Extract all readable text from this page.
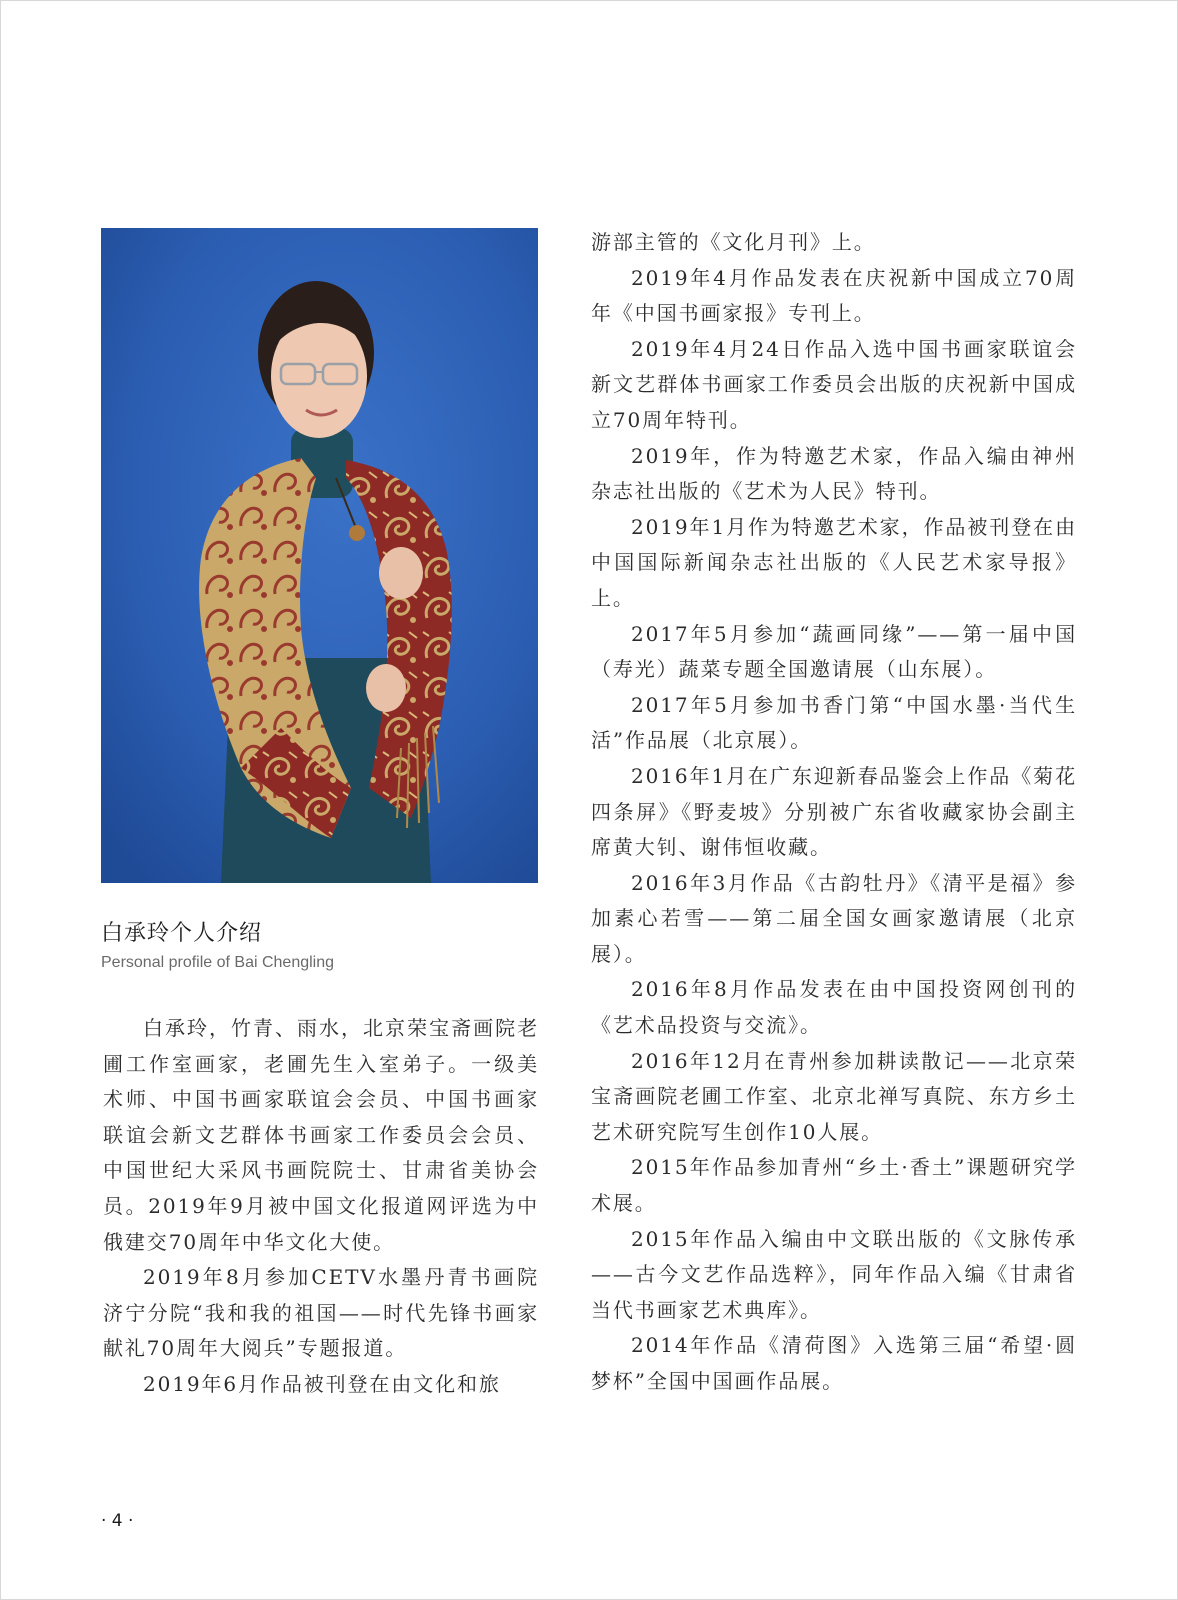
白承玲个人介绍
Personal profile of Bai Chengling

白承玲，竹青、雨水，北京荣宝斋画院老圃工作室画家，老圃先生入室弟子。一级美术师、中国书画家联谊会会员、中国书画家联谊会新文艺群体书画家工作委员会会员、中国世纪大采风书画院院士、甘肃省美协会员。2019年9月被中国文化报道网评选为中俄建交70周年中华文化大使。

2019年8月参加CETV水墨丹青书画院济宁分院“我和我的祖国——时代先锋书画家献礼70周年大阅兵”专题报道。

2019年6月作品被刊登在由文化和旅

游部主管的《文化月刊》上。

2019年4月作品发表在庆祝新中国成立70周年《中国书画家报》专刊上。

2019年4月24日作品入选中国书画家联谊会新文艺群体书画家工作委员会出版的庆祝新中国成立70周年特刊。

2019年，作为特邀艺术家，作品入编由神州杂志社出版的《艺术为人民》特刊。

2019年1月作为特邀艺术家，作品被刊登在由中国国际新闻杂志社出版的《人民艺术家导报》上。

2017年5月参加“蔬画同缘”——第一届中国（寿光）蔬菜专题全国邀请展（山东展）。

2017年5月参加书香门第“中国水墨·当代生活”作品展（北京展）。

2016年1月在广东迎新春品鉴会上作品《菊花四条屏》《野麦坡》分别被广东省收藏家协会副主席黄大钊、谢伟恒收藏。

2016年3月作品《古韵牡丹》《清平是福》参加素心若雪——第二届全国女画家邀请展（北京展）。

2016年8月作品发表在由中国投资网创刊的《艺术品投资与交流》。

2016年12月在青州参加耕读散记——北京荣宝斋画院老圃工作室、北京北禅写真院、东方乡土艺术研究院写生创作10人展。

2015年作品参加青州“乡土·香土”课题研究学术展。

2015年作品入编由中文联出版的《文脉传承——古今文艺作品选粹》，同年作品入编《甘肃省当代书画家艺术典库》。

2014年作品《清荷图》入选第三届“希望·圆梦杯”全国中国画作品展。

· 4 ·
